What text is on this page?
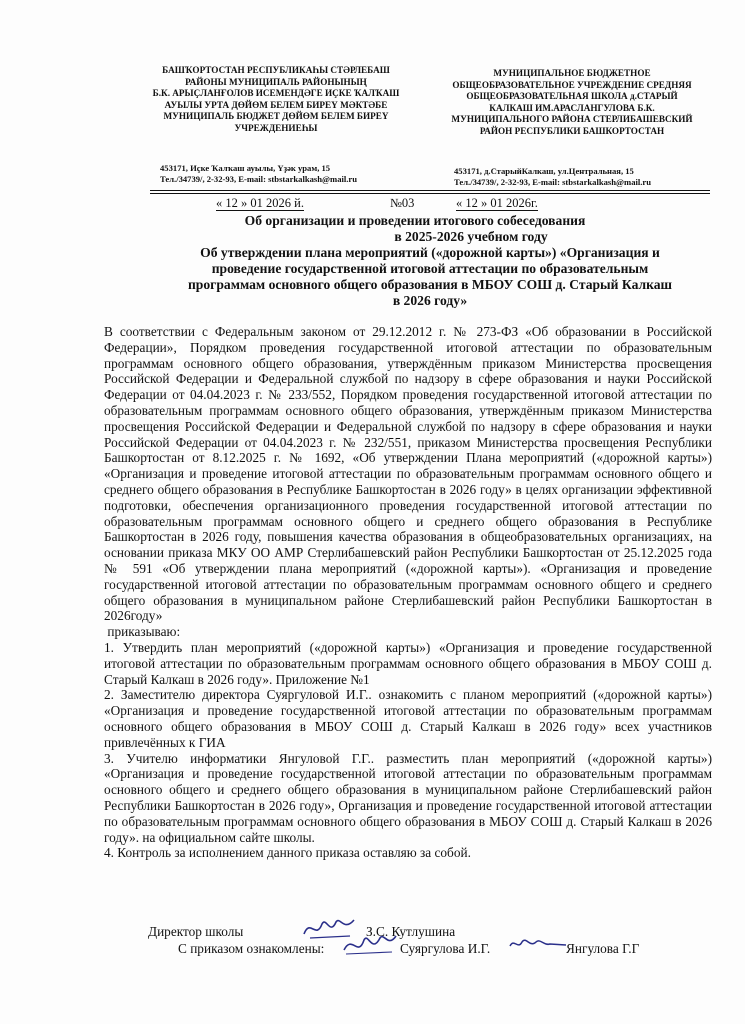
БАШҠОРТОСТАН РЕСПУБЛИКАҺЫ СТӘРЛЕБАШ
РАЙОНЫ МУНИЦИПАЛЬ РАЙОНЫНЫҢ
Б.К. АРЫҪЛАНҒОЛОВ ИСЕМЕНДӘГЕ ИҪКЕ ҠАЛҠАШ
АУЫЛЫ УРТА ДӨЙӨМ БЕЛЕМ БИРЕҮ МӘКТӘБЕ
МУНИЦИПАЛЬ БЮДЖЕТ ДӨЙӨМ БЕЛЕМ БИРЕҮ
УЧРЕЖДЕНИЕҺЫ
МУНИЦИПАЛЬНОЕ БЮДЖЕТНОЕ
ОБЩЕОБРАЗОВАТЕЛЬНОЕ УЧРЕЖДЕНИЕ СРЕДНЯЯ
ОБЩЕОБРАЗОВАТЕЛЬНАЯ ШКОЛА д.СТАРЫЙ
КАЛКАШ ИМ.АРАСЛАНГУЛОВА Б.К.
МУНИЦИПАЛЬНОГО РАЙОНА СТЕРЛИБАШЕВСКИЙ
РАЙОН РЕСПУБЛИКИ БАШКОРТОСТАН
453171, Иҫке Ҡалҡаш ауылы, Үҙәк урам, 15
Тел./34739/, 2-32-93, E-mail: stbstarkalkash@mail.ru
453171, д.СтарыйКалкаш, ул.Центральная, 15
Тел./34739/, 2-32-93, E-mail: stbstarkalkash@mail.ru
« 12 » 01 2026 й.	№03	« 12 » 01 2026г.
Об организации и проведении итогового собеседования
в 2025-2026 учебном году
Об утверждении плана мероприятий («дорожной карты») «Организация и
проведение государственной итоговой аттестации по образовательным
программам основного общего образования в МБОУ СОШ д. Старый Калкаш
в 2026 году»

В соответствии с Федеральным законом от 29.12.2012 г. № 273-ФЗ «Об образовании в Российской Федерации», Порядком проведения государственной итоговой аттестации по образовательным программам основного общего образования, утверждённым приказом Министерства просвещения Российской Федерации и Федеральной службой по надзору в сфере образования и науки Российской Федерации от 04.04.2023 г. № 233/552, Порядком проведения государственной итоговой аттестации по образовательным программам основного общего образования, утверждённым приказом Министерства просвещения Российской Федерации и Федеральной службой по надзору в сфере образования и науки Российской Федерации от 04.04.2023 г. № 232/551, приказом Министерства просвещения Республики Башкортостан от 8.12.2025 г. № 1692, «Об утверждении Плана мероприятий («дорожной карты») «Организация и проведение итоговой аттестации по образовательным программам основного общего и среднего общего образования в Республике Башкортостан в 2026 году» в целях организации эффективной подготовки, обеспечения организационного проведения государственной итоговой аттестации по образовательным программам основного общего и среднего общего образования в Республике Башкортостан в 2026 году, повышения качества образования в общеобразовательных организациях, на основании приказа МКУ ОО АМР Стерлибашевский район Республики Башкортостан от 25.12.2025 года № 591 «Об утверждении плана мероприятий («дорожной карты»). «Организация и проведение государственной итоговой аттестации по образовательным программам основного общего и среднего общего образования в муниципальном районе Стерлибашевский район Республики Башкортостан в 2026году»

приказываю:

1. Утвердить план мероприятий («дорожной карты») «Организация и проведение государственной итоговой аттестации по образовательным программам основного общего образования в МБОУ СОШ д. Старый Калкаш в 2026 году». Приложение №1

2. Заместителю директора Суяргуловой И.Г.. ознакомить с планом мероприятий («дорожной карты») «Организация и проведение государственной итоговой аттестации по образовательным программам основного общего образования в МБОУ СОШ д. Старый Калкаш в 2026 году» всех участников привлечённых к ГИА

3. Учителю информатики Янгуловой Г.Г.. разместить план мероприятий («дорожной карты») «Организация и проведение государственной итоговой аттестации по образовательным программам основного общего и среднего общего образования в муниципальном районе Стерлибашевский район Республики Башкортостан в 2026 году», Организация и проведение государственной итоговой аттестации по образовательным программам основного общего образования в МБОУ СОШ д. Старый Калкаш в 2026 году». на официальном сайте школы.

4. Контроль за исполнением данного приказа оставляю за собой.

Директор школы	З.С. Кутлушина
С приказом ознакомлены:	Суяргулова И.Г.	Янгулова Г.Г
